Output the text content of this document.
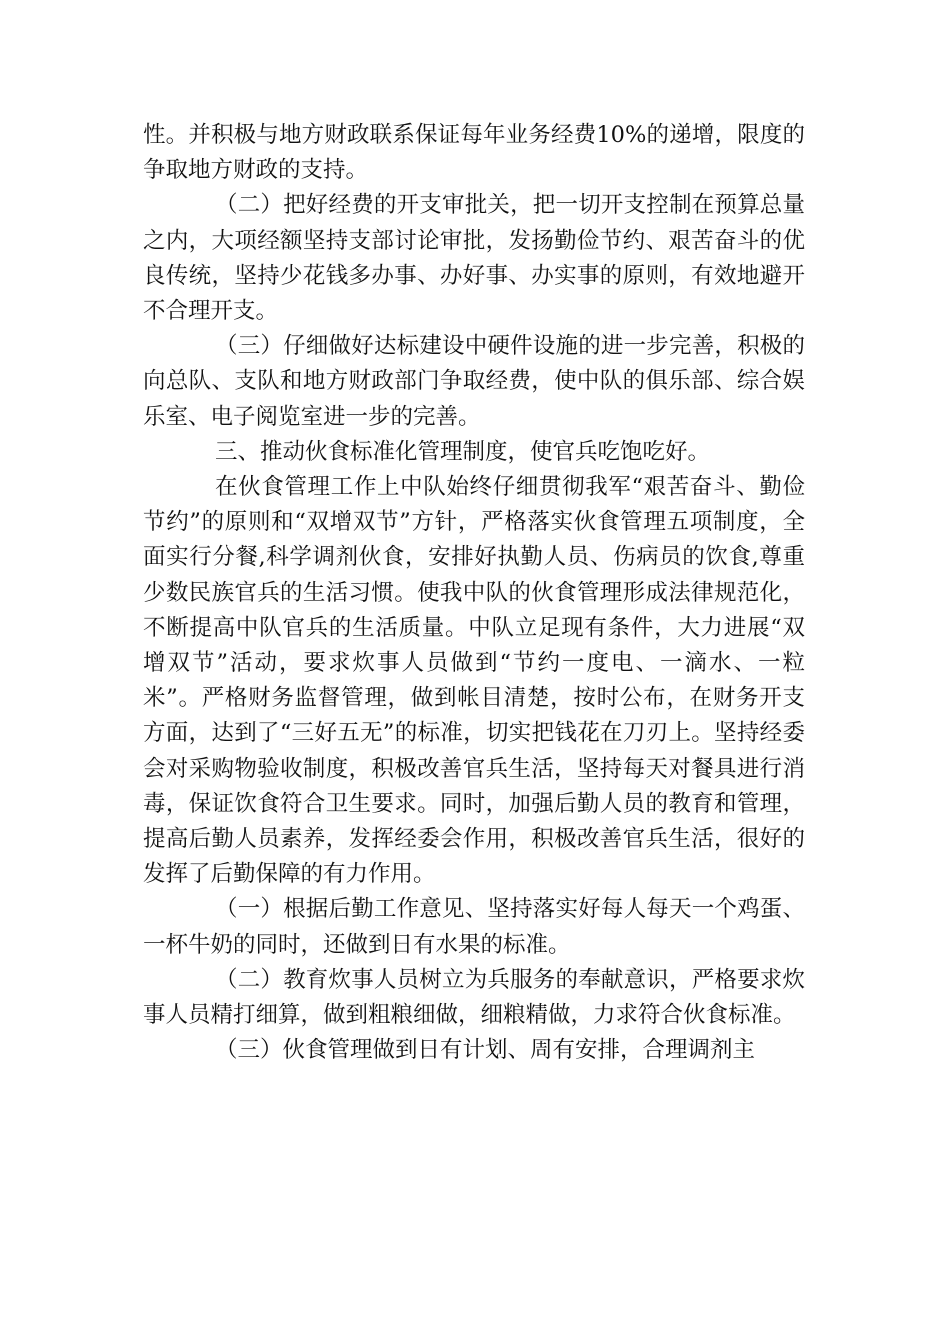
性。并积极与地方财政联系保证每年业务经费10%的递增，限度的争取地方财政的支持。

（二）把好经费的开支审批关，把一切开支控制在预算总量之内，大项经额坚持支部讨论审批，发扬勤俭节约、艰苦奋斗的优良传统，坚持少花钱多办事、办好事、办实事的原则，有效地避开不合理开支。

（三）仔细做好达标建设中硬件设施的进一步完善，积极的向总队、支队和地方财政部门争取经费，使中队的俱乐部、综合娱乐室、电子阅览室进一步的完善。

三、推动伙食标准化管理制度，使官兵吃饱吃好。

在伙食管理工作上中队始终仔细贯彻我军“艰苦奋斗、勤俭节约”的原则和“双增双节”方针，严格落实伙食管理五项制度，全面实行分餐,科学调剂伙食，安排好执勤人员、伤病员的饮食,尊重少数民族官兵的生活习惯。使我中队的伙食管理形成法律规范化，不断提高中队官兵的生活质量。中队立足现有条件，大力进展“双增双节”活动，要求炊事人员做到“节约一度电、一滴水、一粒米”。严格财务监督管理，做到帐目清楚，按时公布，在财务开支方面，达到了“三好五无”的标准，切实把钱花在刀刃上。坚持经委会对采购物验收制度，积极改善官兵生活，坚持每天对餐具进行消毒，保证饮食符合卫生要求。同时，加强后勤人员的教育和管理，提高后勤人员素养，发挥经委会作用，积极改善官兵生活，很好的发挥了后勤保障的有力作用。

（一）根据后勤工作意见、坚持落实好每人每天一个鸡蛋、一杯牛奶的同时，还做到日有水果的标准。

（二）教育炊事人员树立为兵服务的奉献意识，严格要求炊事人员精打细算，做到粗粮细做，细粮精做，力求符合伙食标准。

（三）伙食管理做到日有计划、周有安排，合理调剂主
